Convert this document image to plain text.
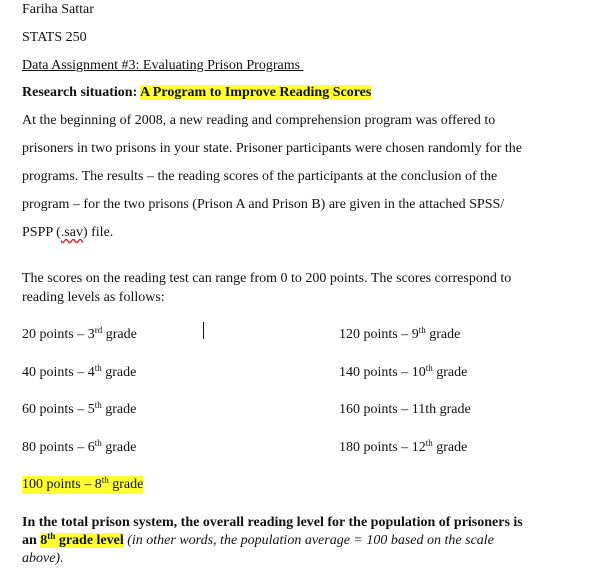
Fariha Sattar
STATS 250
Data Assignment #3: Evaluating Prison Programs
Research situation: A Program to Improve Reading Scores
At the beginning of 2008, a new reading and comprehension program was offered to
prisoners in two prisons in your state. Prisoner participants were chosen randomly for the
programs. The results – the reading scores of the participants at the conclusion of the
program – for the two prisons (Prison A and Prison B) are given in the attached SPSS/
PSPP (.sav) file.
The scores on the reading test can range from 0 to 200 points. The scores correspond to
reading levels as follows:
20 points – 3rd grade
40 points – 4th grade
60 points – 5th grade
80 points – 6th grade
100 points – 8th grade
120 points – 9th grade
140 points – 10th grade
160 points – 11th grade
180 points – 12th grade
In the total prison system, the overall reading level for the population of prisoners is
an 8th grade level (in other words, the population average = 100 based on the scale
above).
